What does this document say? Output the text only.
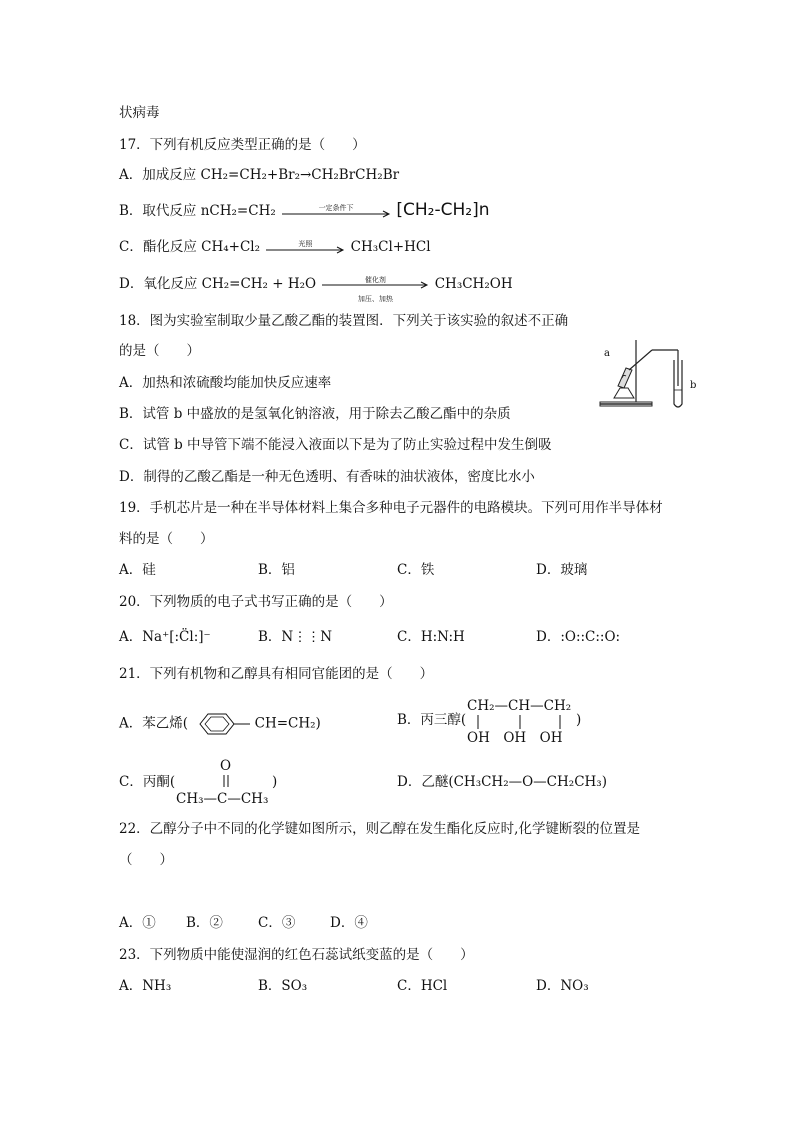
状病毒
17．下列有机反应类型正确的是（　　）
A．加成反应 CH₂=CH₂+Br₂→CH₂BrCH₂Br
B．取代反应 nCH₂=CH₂	一定条件下	[CH₂-CH₂]n
C．酯化反应 CH₄+Cl₂	光照	CH₃Cl+HCl
D．氧化反应 CH₂=CH₂ + H₂O	催化剂
加压、加热
CH₃CH₂OH
18．图为实验室制取少量乙酸乙酯的装置图．下列关于该实验的叙述不正确
的是（　　）	a
b
A．加热和浓硫酸均能加快反应速率
B．试管 b 中盛放的是氢氧化钠溶液，用于除去乙酸乙酯中的杂质
C．试管 b 中导管下端不能浸入液面以下是为了防止实验过程中发生倒吸
D．制得的乙酸乙酯是一种无色透明、有香味的油状液体，密度比水小
19．手机芯片是一种在半导体材料上集合多种电子元器件的电路模块。下列可用作半导体材
料的是（　　）
A．硅	B．铝	C．铁	D．玻璃
20．下列物质的电子式书写正确的是（　　）
A．Na⁺[:C̈l:]⁻	B．N⋮⋮N	C．H:N:H	D．:O::C::O:
21．下列有机物和乙醇具有相同官能团的是（　　）
A．苯乙烯(	CH=CH₂)	B．丙三醇(
CH₂—CH—CH₂
)
OH　OH　OH
C．丙酮(
O
CH₃—C—CH₃
)	D．乙醚(CH₃CH₂—O—CH₂CH₃)
22．乙醇分子中不同的化学键如图所示，则乙醇在发生酯化反应时,化学键断裂的位置是
（　　）
A．① B．②	C．③	D．④
23．下列物质中能使湿润的红色石蕊试纸变蓝的是（　　）
A．NH₃	B．SO₃	C．HCl	D．NO₃
